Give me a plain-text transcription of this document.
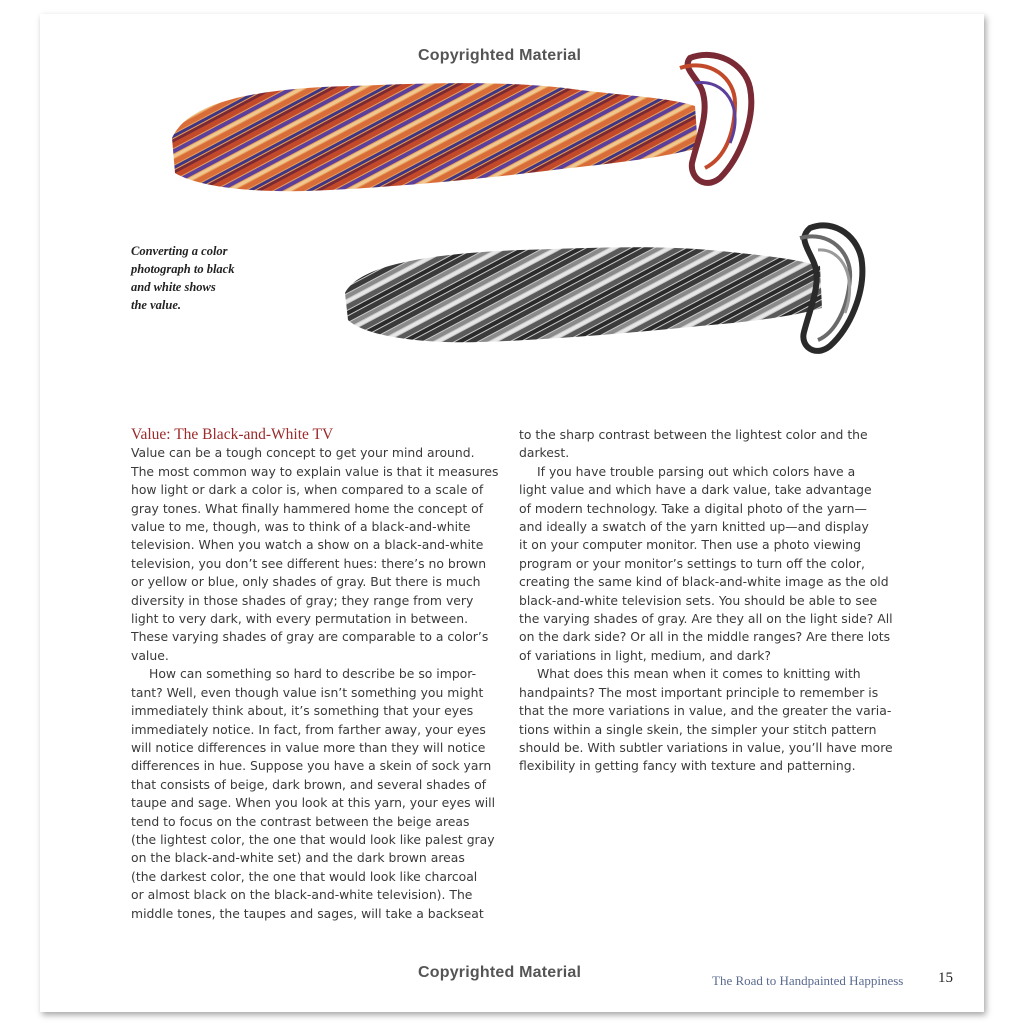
Copyrighted Material
Converting a color
photograph to black
and white shows
the value.
Value: The Black-and-White TV
Value can be a tough concept to get your mind around.
The most common way to explain value is that it measures
how light or dark a color is, when compared to a scale of
gray tones. What finally hammered home the concept of
value to me, though, was to think of a black-and-white
television. When you watch a show on a black-and-white
television, you don’t see different hues: there’s no brown
or yellow or blue, only shades of gray. But there is much
diversity in those shades of gray; they range from very
light to very dark, with every permutation in between.
These varying shades of gray are comparable to a color’s
value.
How can something so hard to describe be so impor-
tant? Well, even though value isn’t something you might
immediately think about, it’s something that your eyes
immediately notice. In fact, from farther away, your eyes
will notice differences in value more than they will notice
differences in hue. Suppose you have a skein of sock yarn
that consists of beige, dark brown, and several shades of
taupe and sage. When you look at this yarn, your eyes will
tend to focus on the contrast between the beige areas
(the lightest color, the one that would look like palest gray
on the black-and-white set) and the dark brown areas
(the darkest color, the one that would look like charcoal
or almost black on the black-and-white television). The
middle tones, the taupes and sages, will take a backseat
to the sharp contrast between the lightest color and the
darkest.
If you have trouble parsing out which colors have a
light value and which have a dark value, take advantage
of modern technology. Take a digital photo of the yarn—
and ideally a swatch of the yarn knitted up—and display
it on your computer monitor. Then use a photo viewing
program or your monitor’s settings to turn off the color,
creating the same kind of black-and-white image as the old
black-and-white television sets. You should be able to see
the varying shades of gray. Are they all on the light side? All
on the dark side? Or all in the middle ranges? Are there lots
of variations in light, medium, and dark?
What does this mean when it comes to knitting with
handpaints? The most important principle to remember is
that the more variations in value, and the greater the varia-
tions within a single skein, the simpler your stitch pattern
should be. With subtler variations in value, you’ll have more
flexibility in getting fancy with texture and patterning.
Copyrighted Material	The Road to Handpainted Happiness 15
